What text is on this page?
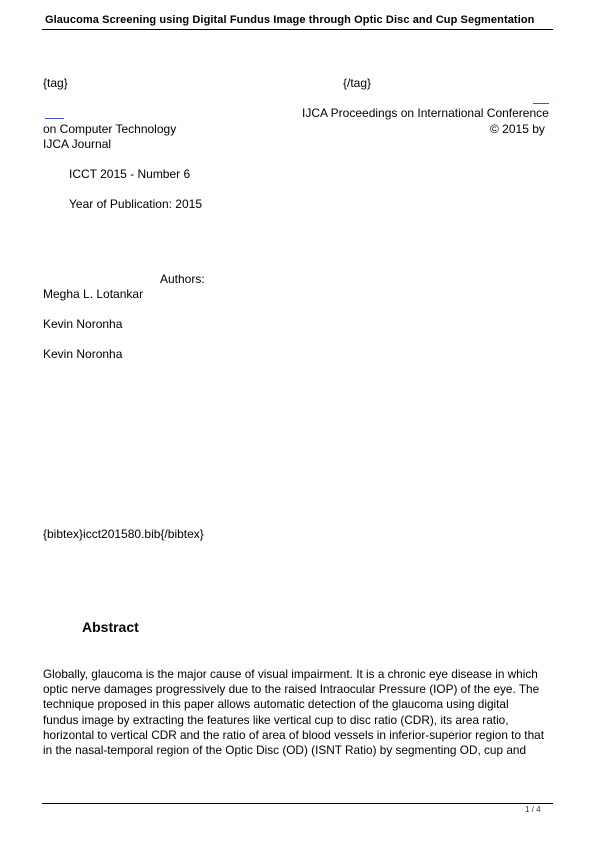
Glaucoma Screening using Digital Fundus Image through Optic Disc and Cup Segmentation
{tag}	{/tag}
IJCA Proceedings on International Conference
on Computer Technology	© 2015 by
IJCA Journal
ICCT 2015 - Number 6
Year of Publication: 2015
Authors:
Megha L. Lotankar
Kevin Noronha
Kevin Noronha
{bibtex}icct201580.bib{/bibtex}
Abstract
Globally, glaucoma is the major cause of visual impairment. It is a chronic eye disease in which
optic nerve damages progressively due to the raised Intraocular Pressure (IOP) of the eye. The
technique proposed in this paper allows automatic detection of the glaucoma using digital
fundus image by extracting the features like vertical cup to disc ratio (CDR), its area ratio,
horizontal to vertical CDR and the ratio of area of blood vessels in inferior-superior region to that
in the nasal-temporal region of the Optic Disc (OD) (ISNT Ratio) by segmenting OD, cup and
1 / 4
